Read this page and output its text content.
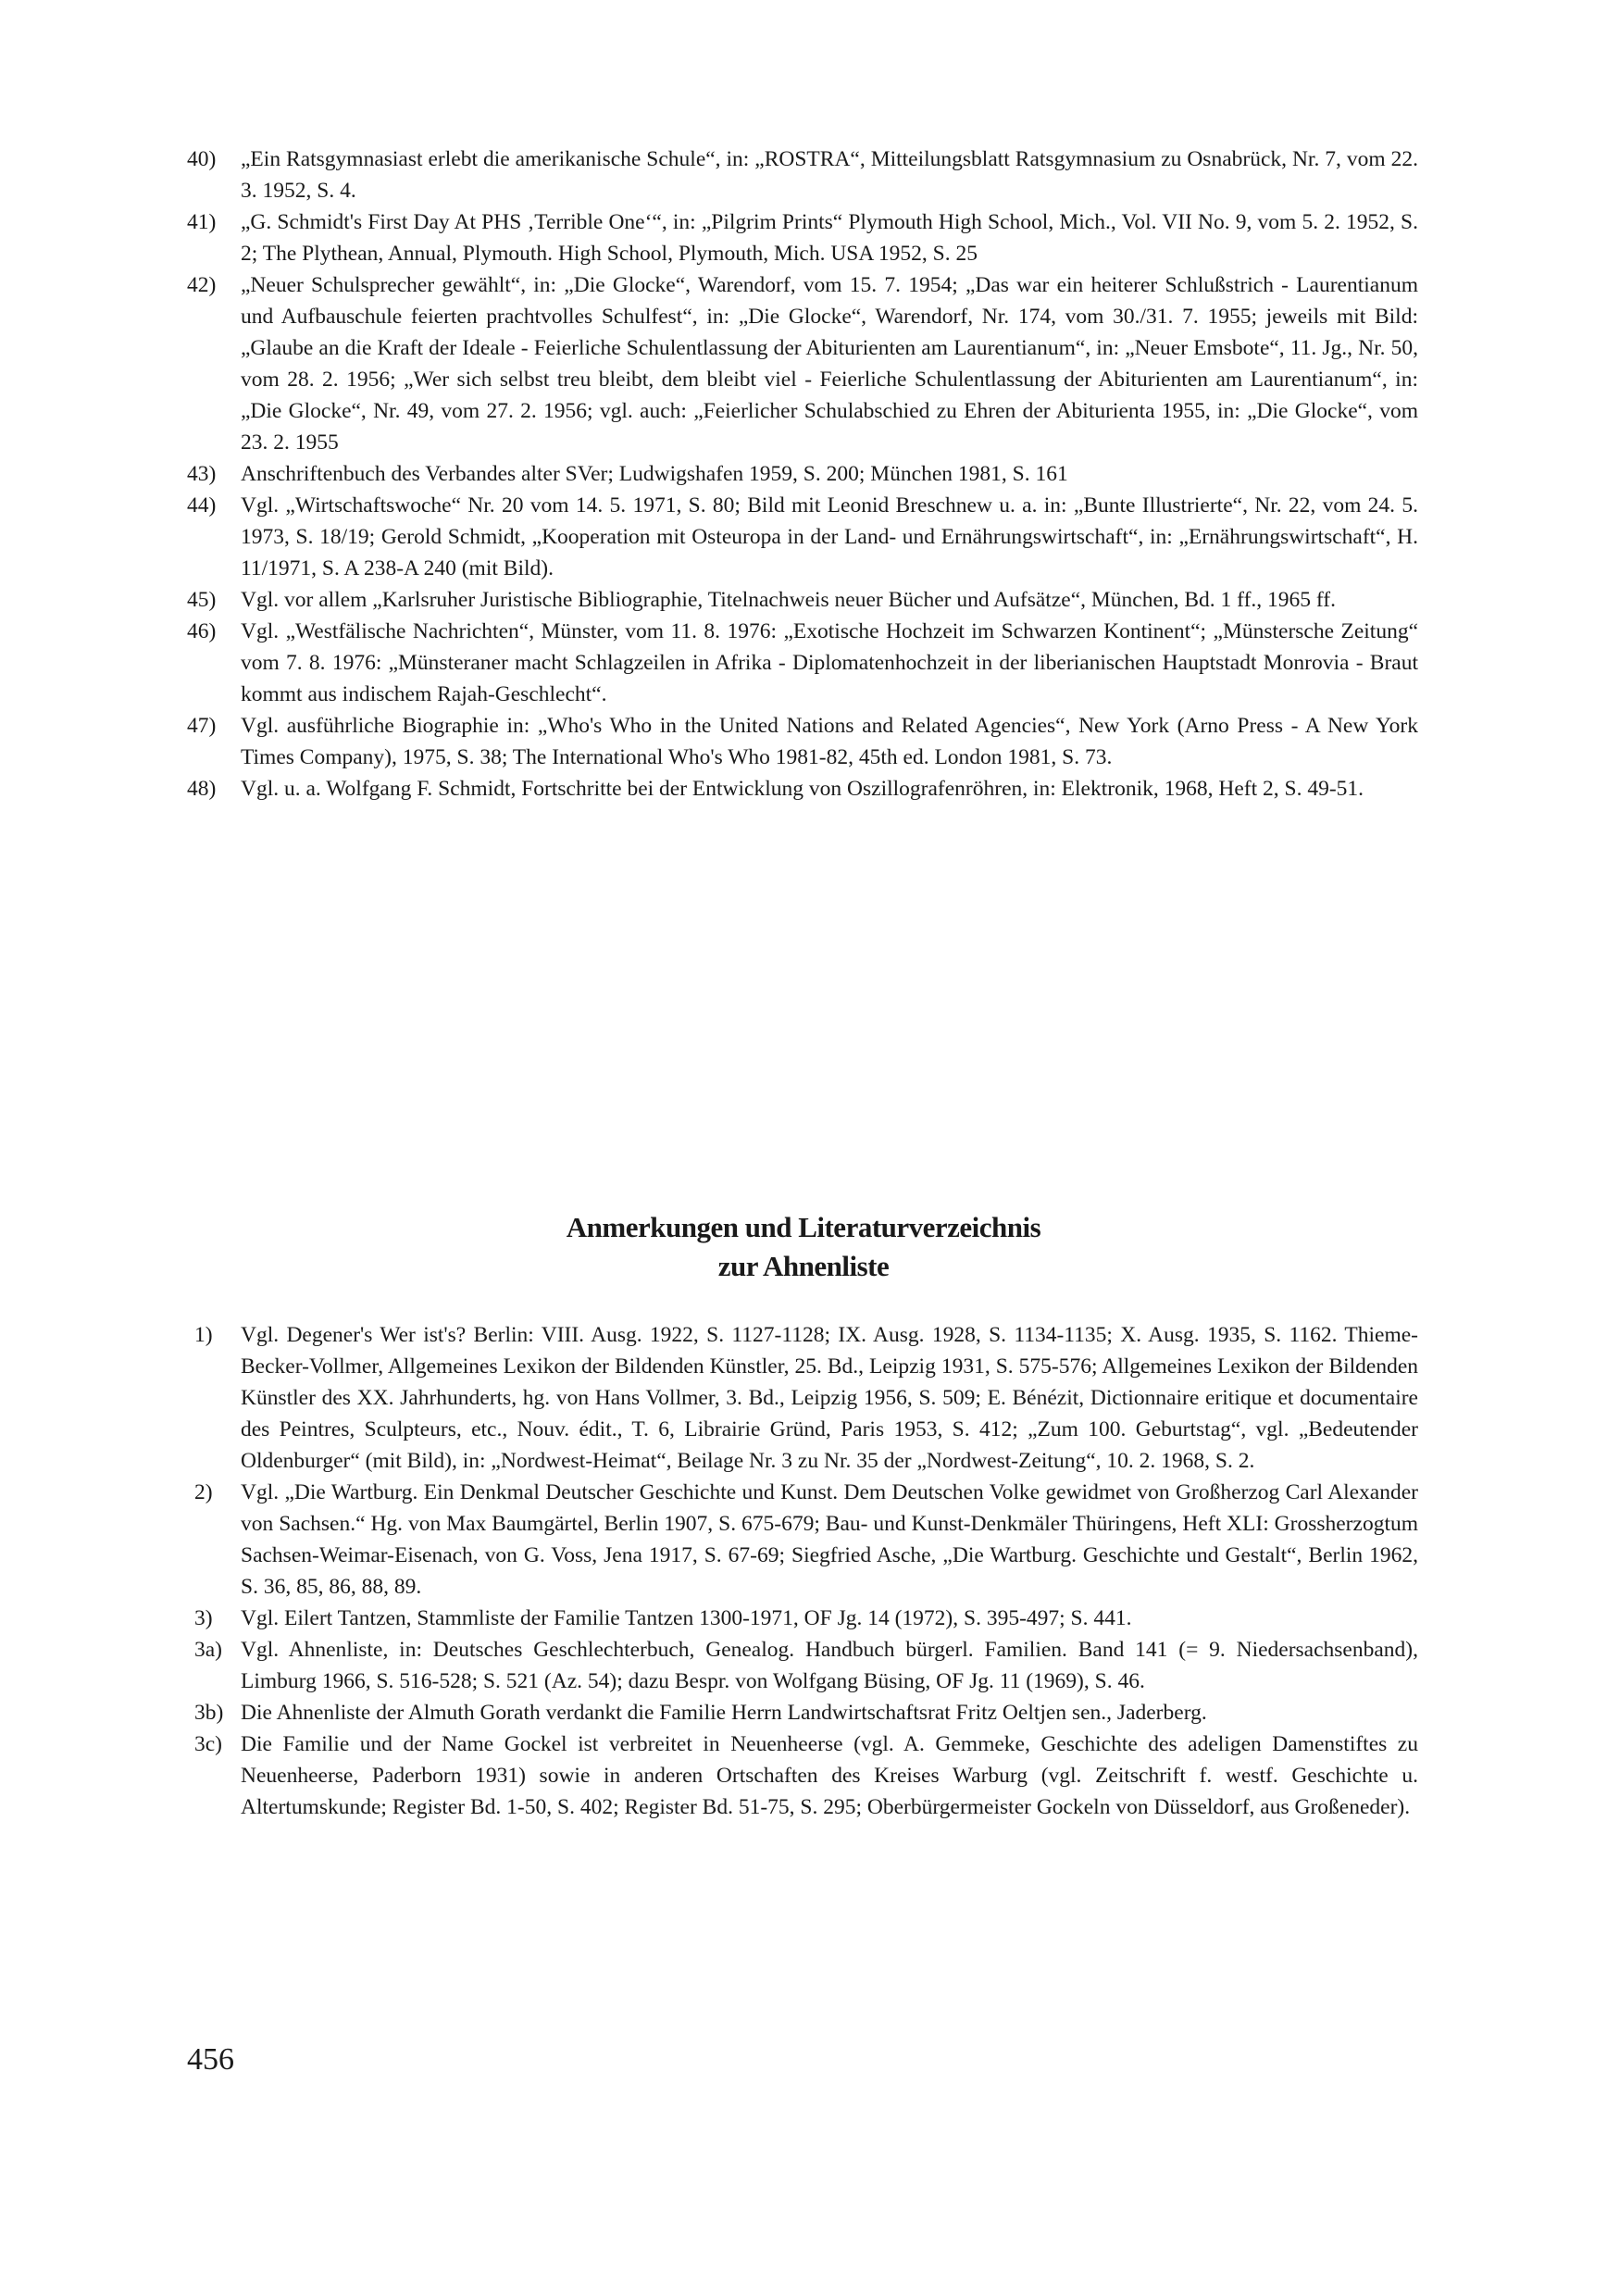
40)	„Ein Ratsgymnasiast erlebt die amerikanische Schule“, in: „ROSTRA“, Mitteilungsblatt Ratsgymnasium zu Osnabrück, Nr. 7, vom 22. 3. 1952, S. 4.
41)	„G. Schmidt's First Day At PHS ‚Terrible One‘“, in: „Pilgrim Prints“ Plymouth High School, Mich., Vol. VII No. 9, vom 5. 2. 1952, S. 2; The Plythean, Annual, Plymouth. High School, Plymouth, Mich. USA 1952, S. 25
42)	„Neuer Schulsprecher gewählt“, in: „Die Glocke“, Warendorf, vom 15. 7. 1954; „Das war ein heiterer Schlußstrich - Laurentianum und Aufbauschule feierten prachtvolles Schulfest“, in: „Die Glocke“, Warendorf, Nr. 174, vom 30./31. 7. 1955; jeweils mit Bild: „Glaube an die Kraft der Ideale - Feierliche Schulentlassung der Abiturienten am Laurentianum“, in: „Neuer Emsbote“, 11. Jg., Nr. 50, vom 28. 2. 1956; „Wer sich selbst treu bleibt, dem bleibt viel - Feierliche Schulentlassung der Abiturienten am Laurentianum“, in: „Die Glocke“, Nr. 49, vom 27. 2. 1956; vgl. auch: „Feierlicher Schulabschied zu Ehren der Abiturienta 1955, in: „Die Glocke“, vom 23. 2. 1955
43)	Anschriftenbuch des Verbandes alter SVer; Ludwigshafen 1959, S. 200; München 1981, S. 161
44)	Vgl. „Wirtschaftswoche“ Nr. 20 vom 14. 5. 1971, S. 80; Bild mit Leonid Breschnew u. a. in: „Bunte Illustrierte“, Nr. 22, vom 24. 5. 1973, S. 18/19; Gerold Schmidt, „Kooperation mit Osteuropa in der Land- und Ernährungswirtschaft“, in: „Ernährungswirtschaft“, H. 11/1971, S. A 238-A 240 (mit Bild).
45)	Vgl. vor allem „Karlsruher Juristische Bibliographie, Titelnachweis neuer Bücher und Aufsätze“, München, Bd. 1 ff., 1965 ff.
46)	Vgl. „Westfälische Nachrichten“, Münster, vom 11. 8. 1976: „Exotische Hochzeit im Schwarzen Kontinent“; „Münstersche Zeitung“ vom 7. 8. 1976: „Münsteraner macht Schlagzeilen in Afrika - Diplomatenhochzeit in der liberianischen Hauptstadt Monrovia - Braut kommt aus indischem Rajah-Geschlecht“.
47)	Vgl. ausführliche Biographie in: „Who's Who in the United Nations and Related Agencies“, New York (Arno Press - A New York Times Company), 1975, S. 38; The International Who's Who 1981-82, 45th ed. London 1981, S. 73.
48)	Vgl. u. a. Wolfgang F. Schmidt, Fortschritte bei der Entwicklung von Oszillografenröhren, in: Elektronik, 1968, Heft 2, S. 49-51.
Anmerkungen und Literaturverzeichnis
zur Ahnenliste
1)	Vgl. Degener's Wer ist's? Berlin: VIII. Ausg. 1922, S. 1127-1128; IX. Ausg. 1928, S. 1134-1135; X. Ausg. 1935, S. 1162. Thieme-Becker-Vollmer, Allgemeines Lexikon der Bildenden Künstler, 25. Bd., Leipzig 1931, S. 575-576; Allgemeines Lexikon der Bildenden Künstler des XX. Jahrhunderts, hg. von Hans Vollmer, 3. Bd., Leipzig 1956, S. 509; E. Bénézit, Dictionnaire eritique et documentaire des Peintres, Sculpteurs, etc., Nouv. édit., T. 6, Librairie Gründ, Paris 1953, S. 412; „Zum 100. Geburtstag“, vgl. „Bedeutender Oldenburger“ (mit Bild), in: „Nordwest-Heimat“, Beilage Nr. 3 zu Nr. 35 der „Nordwest-Zeitung“, 10. 2. 1968, S. 2.
2)	Vgl. „Die Wartburg. Ein Denkmal Deutscher Geschichte und Kunst. Dem Deutschen Volke gewidmet von Großherzog Carl Alexander von Sachsen.“ Hg. von Max Baumgärtel, Berlin 1907, S. 675-679; Bau- und Kunst-Denkmäler Thüringens, Heft XLI: Grossherzogtum Sachsen-Weimar-Eisenach, von G. Voss, Jena 1917, S. 67-69; Siegfried Asche, „Die Wartburg. Geschichte und Gestalt“, Berlin 1962, S. 36, 85, 86, 88, 89.
3)	Vgl. Eilert Tantzen, Stammliste der Familie Tantzen 1300-1971, OF Jg. 14 (1972), S. 395-497; S. 441.
3a) Vgl. Ahnenliste, in: Deutsches Geschlechterbuch, Genealog. Handbuch bürgerl. Familien. Band 141 (= 9. Niedersachsenband), Limburg 1966, S. 516-528; S. 521 (Az. 54); dazu Bespr. von Wolfgang Büsing, OF Jg. 11 (1969), S. 46.
3b) Die Ahnenliste der Almuth Gorath verdankt die Familie Herrn Landwirtschaftsrat Fritz Oeltjen sen., Jaderberg.
3c) Die Familie und der Name Gockel ist verbreitet in Neuenheerse (vgl. A. Gemmeke, Geschichte des adeligen Damenstiftes zu Neuenheerse, Paderborn 1931) sowie in anderen Ortschaften des Kreises Warburg (vgl. Zeitschrift f. westf. Geschichte u. Altertumskunde; Register Bd. 1-50, S. 402; Register Bd. 51-75, S. 295; Oberbürgermeister Gockeln von Düsseldorf, aus Großeneder).
456
